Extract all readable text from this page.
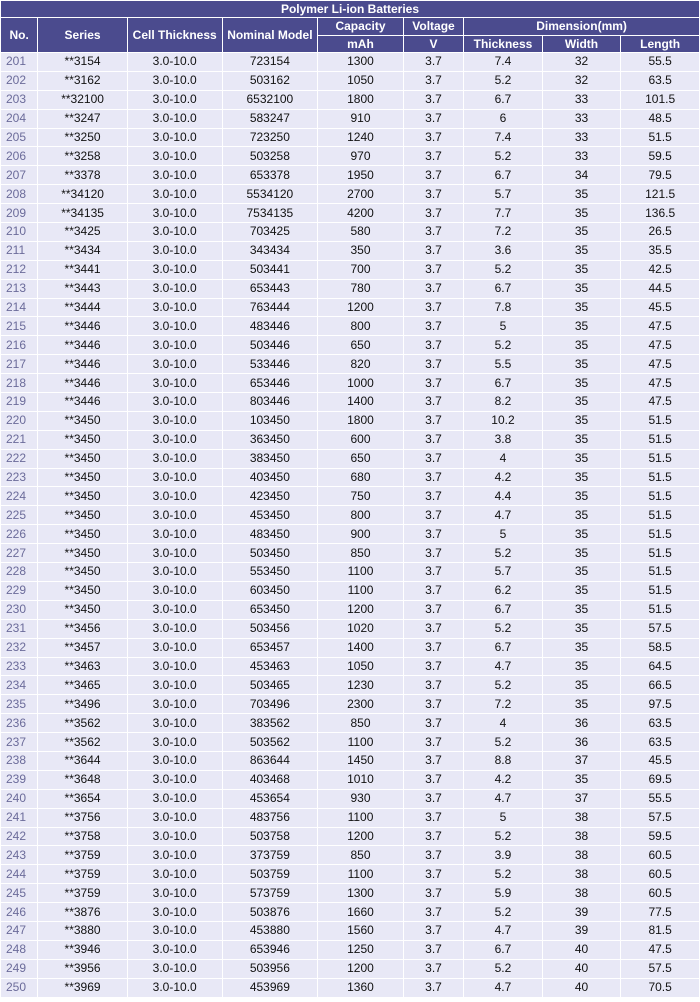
Polymer Li-ion Batteries								
No.	Series	Cell Thickness	Nominal Model	Capacity	Voltage	Dimension(mm)		
				mAh	V	Thickness	Width	Length
201	**3154	3.0-10.0	723154	1300	3.7	7.4	32	55.5
202	**3162	3.0-10.0	503162	1050	3.7	5.2	32	63.5
203	**32100	3.0-10.0	6532100	1800	3.7	6.7	33	101.5
204	**3247	3.0-10.0	583247	910	3.7	6	33	48.5
205	**3250	3.0-10.0	723250	1240	3.7	7.4	33	51.5
206	**3258	3.0-10.0	503258	970	3.7	5.2	33	59.5
207	**3378	3.0-10.0	653378	1950	3.7	6.7	34	79.5
208	**34120	3.0-10.0	5534120	2700	3.7	5.7	35	121.5
209	**34135	3.0-10.0	7534135	4200	3.7	7.7	35	136.5
210	**3425	3.0-10.0	703425	580	3.7	7.2	35	26.5
211	**3434	3.0-10.0	343434	350	3.7	3.6	35	35.5
212	**3441	3.0-10.0	503441	700	3.7	5.2	35	42.5
213	**3443	3.0-10.0	653443	780	3.7	6.7	35	44.5
214	**3444	3.0-10.0	763444	1200	3.7	7.8	35	45.5
215	**3446	3.0-10.0	483446	800	3.7	5	35	47.5
216	**3446	3.0-10.0	503446	650	3.7	5.2	35	47.5
217	**3446	3.0-10.0	533446	820	3.7	5.5	35	47.5
218	**3446	3.0-10.0	653446	1000	3.7	6.7	35	47.5
219	**3446	3.0-10.0	803446	1400	3.7	8.2	35	47.5
220	**3450	3.0-10.0	103450	1800	3.7	10.2	35	51.5
221	**3450	3.0-10.0	363450	600	3.7	3.8	35	51.5
222	**3450	3.0-10.0	383450	650	3.7	4	35	51.5
223	**3450	3.0-10.0	403450	680	3.7	4.2	35	51.5
224	**3450	3.0-10.0	423450	750	3.7	4.4	35	51.5
225	**3450	3.0-10.0	453450	800	3.7	4.7	35	51.5
226	**3450	3.0-10.0	483450	900	3.7	5	35	51.5
227	**3450	3.0-10.0	503450	850	3.7	5.2	35	51.5
228	**3450	3.0-10.0	553450	1100	3.7	5.7	35	51.5
229	**3450	3.0-10.0	603450	1100	3.7	6.2	35	51.5
230	**3450	3.0-10.0	653450	1200	3.7	6.7	35	51.5
231	**3456	3.0-10.0	503456	1020	3.7	5.2	35	57.5
232	**3457	3.0-10.0	653457	1400	3.7	6.7	35	58.5
233	**3463	3.0-10.0	453463	1050	3.7	4.7	35	64.5
234	**3465	3.0-10.0	503465	1230	3.7	5.2	35	66.5
235	**3496	3.0-10.0	703496	2300	3.7	7.2	35	97.5
236	**3562	3.0-10.0	383562	850	3.7	4	36	63.5
237	**3562	3.0-10.0	503562	1100	3.7	5.2	36	63.5
238	**3644	3.0-10.0	863644	1450	3.7	8.8	37	45.5
239	**3648	3.0-10.0	403468	1010	3.7	4.2	35	69.5
240	**3654	3.0-10.0	453654	930	3.7	4.7	37	55.5
241	**3756	3.0-10.0	483756	1100	3.7	5	38	57.5
242	**3758	3.0-10.0	503758	1200	3.7	5.2	38	59.5
243	**3759	3.0-10.0	373759	850	3.7	3.9	38	60.5
244	**3759	3.0-10.0	503759	1100	3.7	5.2	38	60.5
245	**3759	3.0-10.0	573759	1300	3.7	5.9	38	60.5
246	**3876	3.0-10.0	503876	1660	3.7	5.2	39	77.5
247	**3880	3.0-10.0	453880	1560	3.7	4.7	39	81.5
248	**3946	3.0-10.0	653946	1250	3.7	6.7	40	47.5
249	**3956	3.0-10.0	503956	1200	3.7	5.2	40	57.5
250	**3969	3.0-10.0	453969	1360	3.7	4.7	40	70.5
